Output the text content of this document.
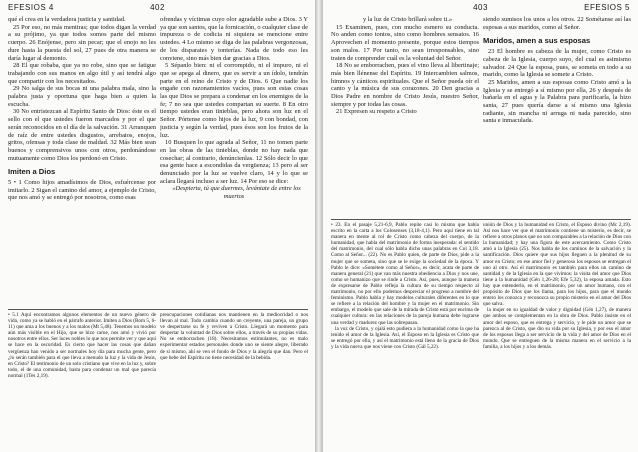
EFESIOS 4	402

qué el crea en la verdadera justicia y santidad.

25 Por eso, no más mentiras; que todos digan la verdad a su prójimo, ya que todos somos parte del mismo cuerpo. 26 Enójense, pero sin pecar; que el enojo no les dure hasta la puesta del sol, 27 pues de otra manera se daría lugar al demonio.

28 El que robaba, que ya no robe, sino que se fatigue trabajando con sus manos en algo útil y así tendrá algo que compartir con los necesitados.

29 No salga de sus bocas ni una palabra mala, sino la palabra justa y oportuna que haga bien a quien la escucha.

30 No entristezcan al Espíritu Santo de Dios: éste es el sello con el que ustedes fueron marcados y por el que serán reconocidos en el día de la salvación. 31 Arranquen de raíz de entre ustedes disgustos, arrebatos, enojos, gritos, ofensas y toda clase de maldad. 32 Más bien sean buenos y comprensivos unos con otros, perdonándose mutuamente como Dios los perdonó en Cristo.

Imiten a Dios

5 • 1 Como hijos amadísimos de Dios, esfuércense por imitarlo. 2 Sigan el camino del amor, a ejemplo de Cristo, que nos amó y se entregó por nosotros, como esas

ofrendas y víctimas cuyo olor agradable sube a Dios. 3 Y ya que son santos, que la fornicación, o cualquier clase de impureza o de codicia ni siquiera se mencione entre ustedes. 4 Lo mismo se diga de las palabras vergonzosas, de los disparates y tonterías. Nada de todo eso les conviene, sino más bien dar gracias a Dios.

5 Sépanlo bien: ni el corrompido, ni el impuro, ni el que se apega al dinero, que es servir a un ídolo, tendrán parte en el reino de Cristo y de Dios. 6 Que nadie los engañe con razonamientos vacíos, pues son estas cosas las que Dios se prepara a condenar en los enemigos de la fe; 7 no sea que ustedes compartan su suerte. 8 En otro tiempo ustedes eran tinieblas, pero ahora son luz en el Señor. Pórtense como hijos de la luz, 9 con bondad, con justicia y según la verdad, pues ésos son los frutos de la luz.

10 Busquen lo que agrada al Señor, 11 no tomen parte en las obras de las tinieblas, donde no hay nada que cosechar; al contrario, denúncienlas. 12 Sólo decir lo que esa gente hace a escondidas da vergüenza; 13 pero al ser denunciado por la luz se vuelve claro, 14 y lo que se aclara llegará incluso a ser luz. 14 Por eso se dice:

«Despierta, tú que duermes, levántate de entre los muertos

• 5.1 Aquí encontramos algunos elementos de un nuevo género de vida, como ya se habló en el párrafo anterior. Imiten a Dios (Rom 5, 6-11) que ama a los buenos y a los malos (Mt 5,48). Tenemos un modelo aún más visible en el Hijo, que se hizo carne, nos amó y vivió por nosotros entre ellos. Ser luces nobles lo que nos permite ver y que aquí se hace en la oscuridad. Es cierto que hacer las cosas que dañan vergüenza han venido a ser normales hoy día para mucha gente, pero ¿lo serán también para el que lleva a menudo la luz y la vida de Jesús, en Cristo? El testimonio de un solo cristiano que vive en la luz y, sobre todo, el de una comunidad, basta para condenar un mal que parecía normal (1Tes 2,19).

preocupaciones cotidianas nos mantienen en la mediocridad o nos llevan al mal. Todo cambia cuando un creyente, una pareja, un grupo ve despertarse su fe y reviven a Cristo. Llegará un momento para despertar la voluntad de Dios sobre ellos, a través de su propias vidas. No se emborrachen (18). Necesitamos estimulantes, no es malo experimentar estados personales donde uno se siente alegre, liberado de sí mismo, ahí se ven el fondo de Dios y la alegría que dan. Pero el que bebe del Espíritu no tiene necesidad de la bebida.

403	EFESIOS 5

y la luz de Cristo brillará sobre ti.»

15 Examinen, pues, con mucho esmero su conducta. No anden como tontos, sino como hombres sensatos. 16 Aprovechen el momento presente, porque estos tiempos son malos. 17 Por tanto, no sean irresponsables, sino traten de comprender cuál es la voluntad del Señor.

18 No se emborrachen, pues el vino lleva al libertinaje; más bien llénense del Espíritu. 19 Intercambien salmos, himnos y cánticos espirituales. Que el Señor pueda oír el canto y la música de sus corazones. 20 Den gracias a Dios Padre en nombre de Cristo Jesús, nuestro Señor, siempre y por todas las cosas.

21 Expresen su respeto a Cristo

siendo sumisos los unos a los otros. 22 Sométanse así las esposas a sus maridos, como al Señor.

Maridos, amen a sus esposas

23 El hombre es cabeza de la mujer, como Cristo es cabeza de la Iglesia, cuerpo suyo, del cual es asimismo salvador. 24 Que la esposa, pues, se someta en todo a su marido, como la Iglesia se somete a Cristo.

25 Maridos, amen a sus esposas como Cristo amó a la Iglesia y se entregó a sí mismo por ella, 26 y después de bañarla en el agua y la Palabra para purificarla, la hizo santa, 27 pues quería darse a sí mismo una Iglesia radiante, sin mancha ni arruga ni nada parecido, sino santa e inmaculada.

• 23. En el pasaje 5,21-6,9, Pablo repite casi lo mismo que había escrito en la carta a los Colosenses (3,18-4,1). Pero aquí tiene en tal manera en mente al rol de Cristo como cabeza del cuerpo, de la humanidad, que habla del matrimonio de forma inesperada: el sentido del matrimonio, del cual sólo habla dicho unas palabras en Col 3,18. Como al Señor... (22). No es Pablo quien, de parte de Dios, pide a la mujer que se someta, sino que se le exige la sociedad de la época. Y Pablo le dice: «Sométete como al Señor», es decir, acata de parte de manera general (21) que van más nuestra obediencia a Dios y nos une, como se humanizo que se rinde a Cristo. Así, pues, aunque la manera de expresarse de Pablo refleja la cultura de su tiempo respecto al matrimonio, no por ello podemos despreciar el progreso a nombre del feminismo. Pablo habla y hay modelos culturales diferentes en lo que se refiere a la relación del hombre y la mujer en el matrimonio. Sin embargo, el modelo que sale de la mirada de Cristo está por encima de cualquier cultura: en las relaciones de la pareja humana debe lograrse una verdad y madurez que las sobrepasan.

la voz de Cristo, y ojalá esto pudiera a la humanidad como la que ha tenido el amor de la Iglesia. Así, el Esposo en la Iglesia es Cristo que se entregó por ella, y así el matrimonio está lleno de la gracia de Dios y la vida nueva que nos viene con Cristo (Gál 5,22).

unión de Dios y la humanidad en Cristo, el Esposo divino (Mc 2,19). Así nos hace ver que el matrimonio contiene un misterio, es decir, se refiere a otros planos que no son comparables a la relación de Dios con la humanidad; y hay una figura de este acercamiento. Como Cristo amó a la Iglesia (25). Nos habla de los caminos de la salvación y la santificación. Dios quiere que sus hijos lleguen a la plenitud de su amor en Cristo; en ese amor fiel y generoso los esposos se entregan el uno al otro. Así el matrimonio es también para ellos un camino de santidad y de la Iglesia en la que vivimos: la visita del amor que Dios tiene a la humanidad (Gén 1,26-28; Efe 5,32), la esposa amada. Esto hay que entenderlo, en el matrimonio, por un amor humano, con el propósito de Dios que los llama, para los hijos, para que el mundo entero los conozca y reconozca su propio misterio en el amor del Dios que salva.

la mujer en su igualdad de valor y dignidad (Gén 1,27), de manera que ambos se complementan en la obra de Dios. Pablo insiste en el amor del esposo, que es entrega y servicio, y le pide un amor que se parezca al de Cristo, que dio su vida por su Iglesia, y por eso el amor de los esposos llega a ser servicio de la vida y del amor de Dios en el mundo. Que se entreguen de la misma manera en el servicio a la familia, a los hijos y a los demás.
